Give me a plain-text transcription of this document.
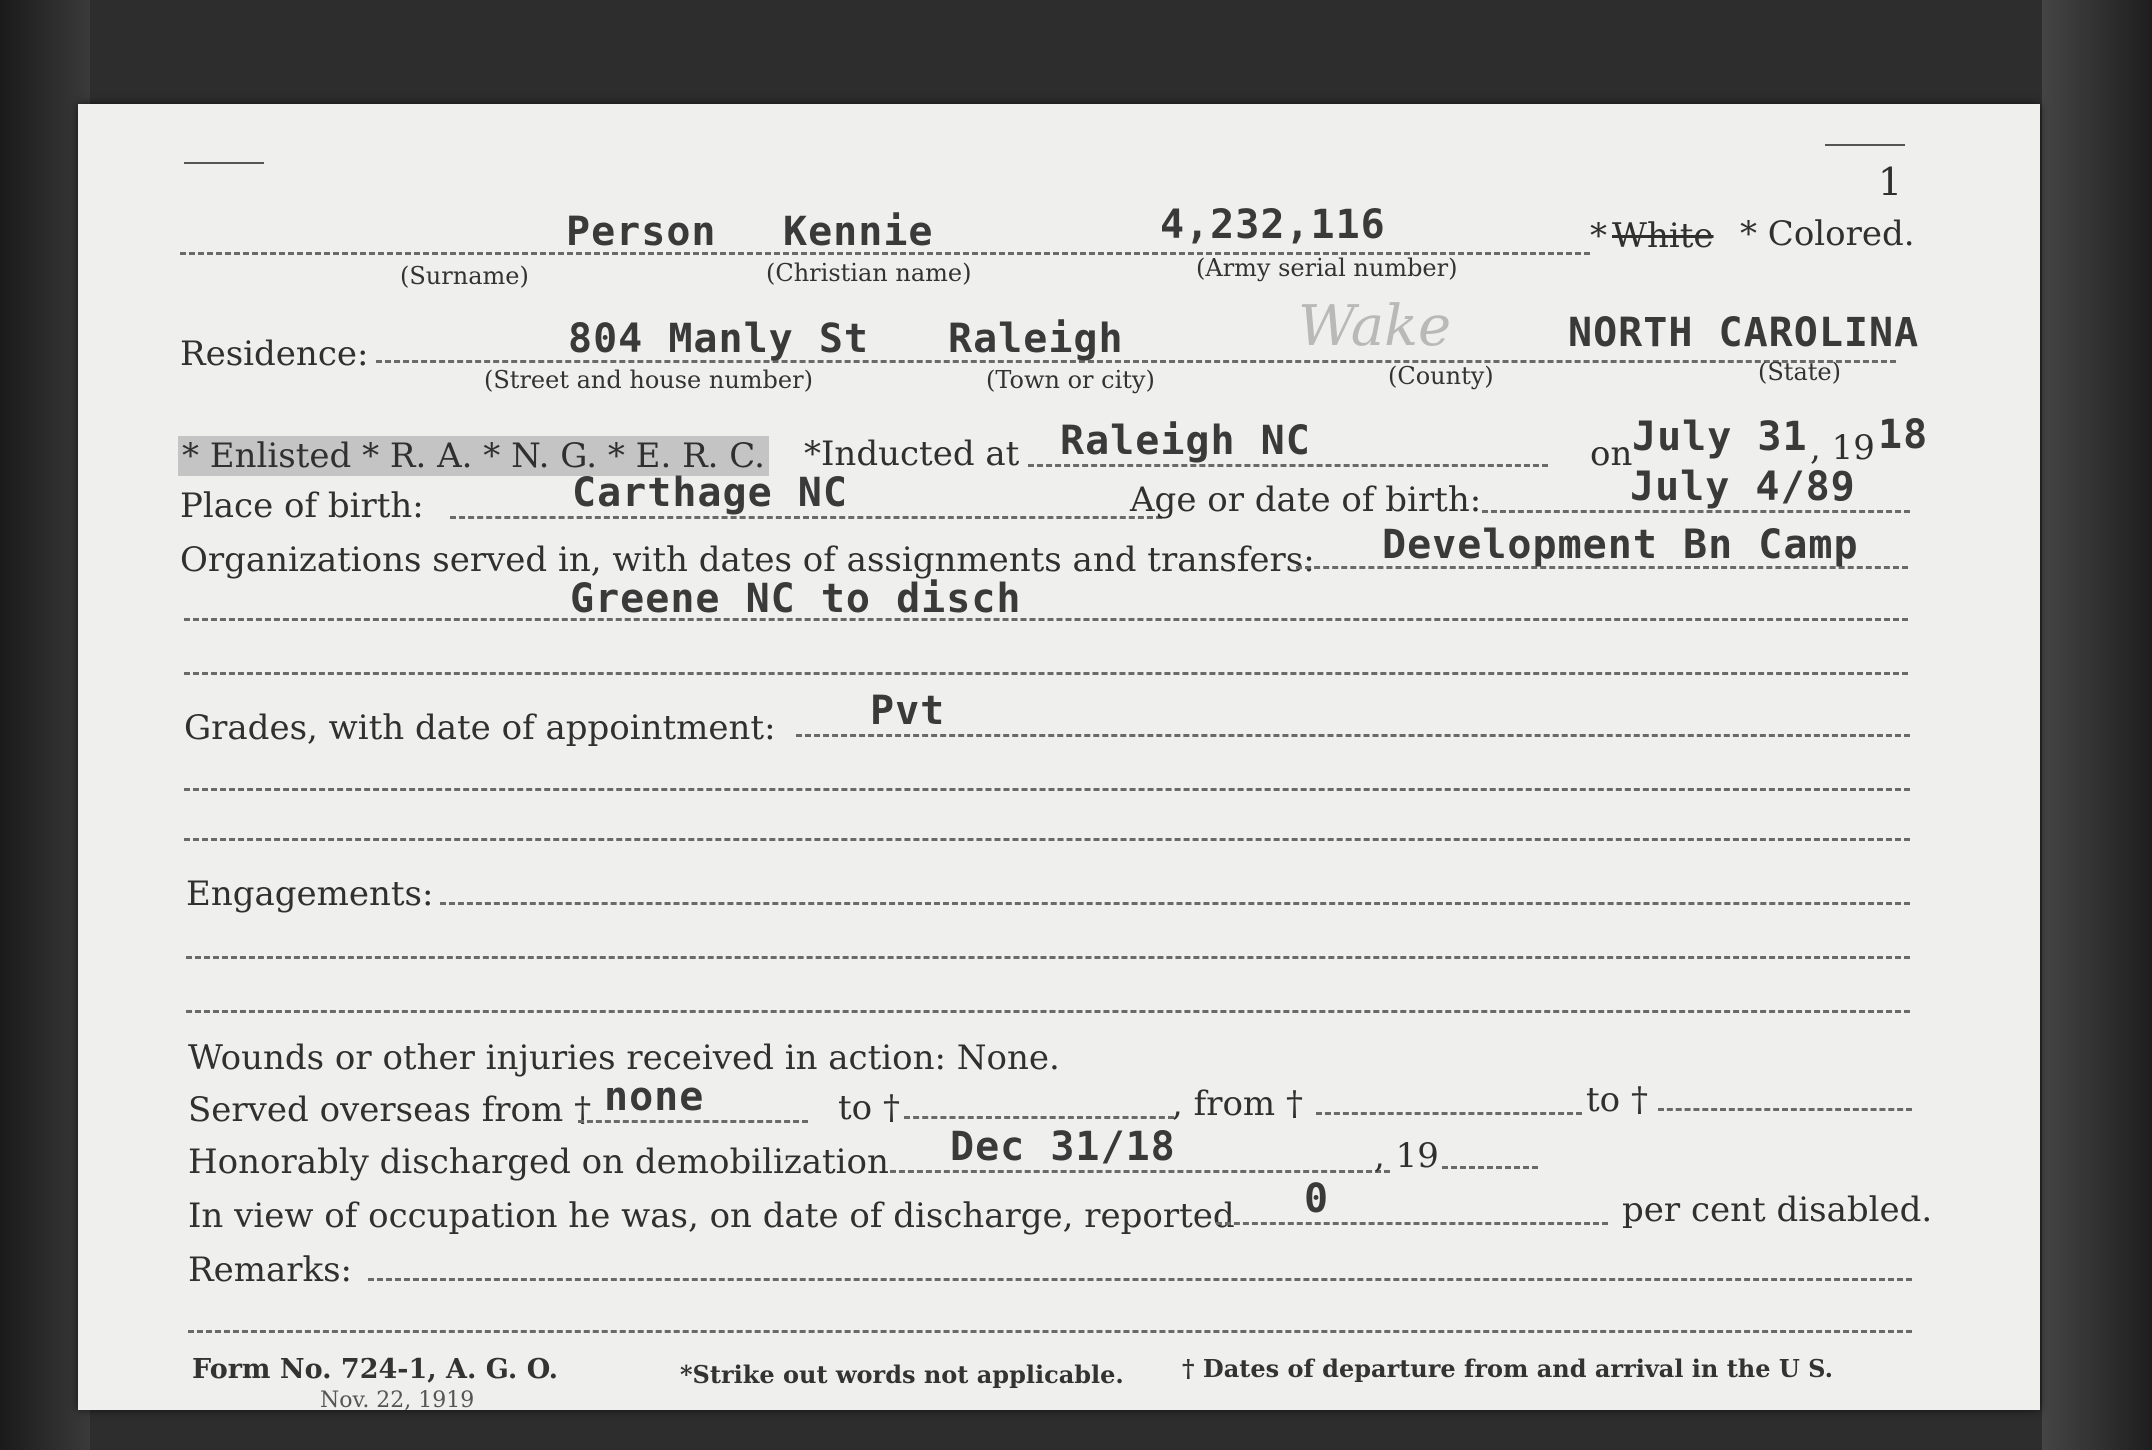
1
Person Kennie	4,232,116	* White * Colored.
(Surname)	(Christian name)	(Army serial number)
Residence:	804 Manly St Raleigh	Wake	NORTH CAROLINA
(Street and house number)	(Town or city)	(County)	(State)
* Enlisted * R. A. * N. G. * E. R. C. *Inducted at Raleigh NC	on July 31 , 19 18
Place of birth:	Carthage NC	Age or date of birth:	July 4/89
Organizations served in, with dates of assignments and transfers: Development Bn Camp
Greene NC to disch
Grades, with date of appointment: Pvt
Engagements:
Wounds or other injuries received in action: None.
Served overseas from † none	to †	, from †	to †
Honorably discharged on demobilization Dec 31/18	, 19
In view of occupation he was, on date of discharge, reported 0	per cent disabled.
Remarks:
Form No. 724-1, A. G. O.
Nov. 22, 1919
*Strike out words not applicable. † Dates of departure from and arrival in the U S.
